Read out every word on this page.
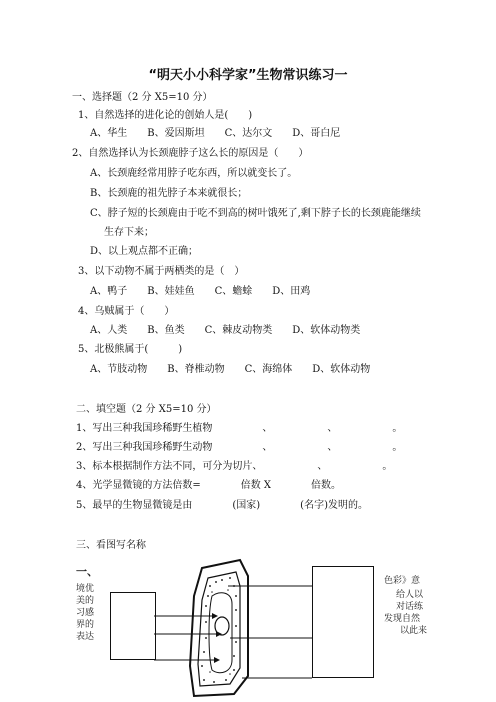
“明天小小科学家”生物常识练习一
一、选择题（2 分 X5=10 分）
1、自然选择的进化论的创始人是(　　)
A、华生　　B、爱因斯坦　　C、达尔文　　D、哥白尼
2、自然选择认为长颈鹿脖子这么长的原因是（　　）
A、长颈鹿经常用脖子吃东西，所以就变长了。
B、长颈鹿的祖先脖子本来就很长；
C、脖子短的长颈鹿由于吃不到高的树叶饿死了,剩下脖子长的长颈鹿能继续
生存下来；
D、以上观点都不正确；
3、以下动物不属于两栖类的是（　）
A、鸭子　　B、娃娃鱼　　C、蟾蜍　　D、田鸡
4、乌贼属于（　　）
A、人类　　B、鱼类　　C、棘皮动物类　　D、软体动物类
5、北极熊属于(　　　)
A、节肢动物　　B、脊椎动物　　C、海绵体　　D、软体动物
二、填空题（2 分 X5=10 分）
1、写出三种我国珍稀野生植物　　　　　、　　　　　　、　　　　　　。
2、写出三种我国珍稀野生动物　　　　　、　　　　　　、　　　　　　。
3、标本根据制作方法不同，可分为切片、　　　　　　、　　　　　　。
4、光学显微镜的方法倍数=　　　　倍数 X　　　　倍数。
5、最早的生物显微镜是由　　　　(国家)　　　　(名字)发明的。
三、看图写名称
一、
境优
美的
习感
界的
表达
色彩》意
给人以
对话练
发现自然
以此来
